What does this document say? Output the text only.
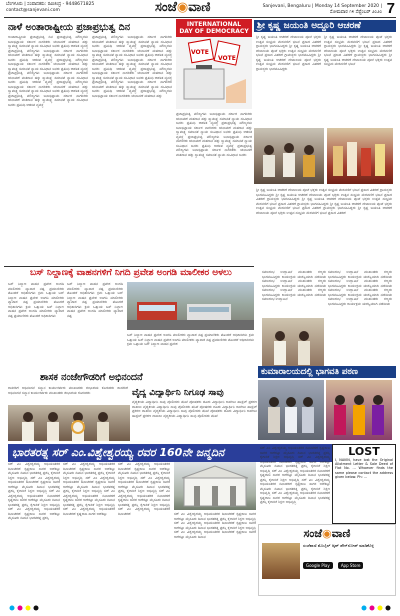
ಬೆಂಗಳೂರು | ಸಂಪಾದಕರು: ರವಿಚಂದ್ರ - 9448671825
contact@sanjevani.com	ಸಂಜೆ◉ವಾಣಿ	Sanjevani, Bengaluru | Monday 14 September 2020 | ಸೋಮವಾರ ೧೪ ಸೆಪ್ಟೆಂಬರ್ ೨೦೨೦ 7
ನಾಳೆ ಅಂತಾರಾಷ್ಟ್ರೀಯ ಪ್ರಜಾಪ್ರಭುತ್ವ ದಿನ
ಅಂತಾರಾಷ್ಟ್ರೀಯ ಪ್ರಜಾಪ್ರಭುತ್ವ ದಿನ ಪ್ರಜಾಪ್ರಭುತ್ವ ಮೌಲ್ಯಗಳು ಜನಾಭಿಪ್ರಾಯ ಸರ್ಕಾರ ನಾಗರಿಕರು ಚುನಾವಣೆ ಮತದಾನ ಹಕ್ಕು ಸ್ವಾತಂತ್ರ್ಯ ಸಮಾನತೆ ನ್ಯಾಯ ಸಂವಿಧಾನ ಜನರು ಪ್ರತಿನಿಧಿ ಆಡಳಿತ ವ್ಯವಸ್ಥೆ ಪ್ರಜಾಪ್ರಭುತ್ವ ಮೌಲ್ಯಗಳು ಜನಾಭಿಪ್ರಾಯ ಸರ್ಕಾರ ನಾಗರಿಕರು ಚುನಾವಣೆ ಮತದಾನ ಹಕ್ಕು ಸ್ವಾತಂತ್ರ್ಯ ಸಮಾನತೆ ನ್ಯಾಯ ಸಂವಿಧಾನ ಜನರು ಪ್ರತಿನಿಧಿ ಆಡಳಿತ ವ್ಯವಸ್ಥೆ ಪ್ರಜಾಪ್ರಭುತ್ವ ಮೌಲ್ಯಗಳು ಜನಾಭಿಪ್ರಾಯ ಸರ್ಕಾರ ನಾಗರಿಕರು ಚುನಾವಣೆ ಮತದಾನ ಹಕ್ಕು ಸ್ವಾತಂತ್ರ್ಯ ಸಮಾನತೆ ನ್ಯಾಯ ಸಂವಿಧಾನ ಜನರು ಪ್ರತಿನಿಧಿ ಆಡಳಿತ ವ್ಯವಸ್ಥೆ ಪ್ರಜಾಪ್ರಭುತ್ವ ಮೌಲ್ಯಗಳು ಜನಾಭಿಪ್ರಾಯ ಸರ್ಕಾರ ನಾಗರಿಕರು ಚುನಾವಣೆ ಮತದಾನ ಹಕ್ಕು ಸ್ವಾತಂತ್ರ್ಯ ಸಮಾನತೆ ನ್ಯಾಯ ಸಂವಿಧಾನ ಜನರು ಪ್ರತಿನಿಧಿ ಆಡಳಿತ ವ್ಯವಸ್ಥೆ ಪ್ರಜಾಪ್ರಭುತ್ವ ಮೌಲ್ಯಗಳು ಜನಾಭಿಪ್ರಾಯ ಸರ್ಕಾರ ನಾಗರಿಕರು ಚುನಾವಣೆ ಮತದಾನ ಹಕ್ಕು ಸ್ವಾತಂತ್ರ್ಯ ಸಮಾನತೆ ನ್ಯಾಯ ಸಂವಿಧಾನ ಜನರು ಪ್ರತಿನಿಧಿ ಆಡಳಿತ ವ್ಯವಸ್ಥೆ ಪ್ರಜಾಪ್ರಭುತ್ವ ಮೌಲ್ಯಗಳು ಜನಾಭಿಪ್ರಾಯ ಸರ್ಕಾರ ನಾಗರಿಕರು ಚುನಾವಣೆ ಮತದಾನ ಹಕ್ಕು ಸ್ವಾತಂತ್ರ್ಯ ಸಮಾನತೆ ನ್ಯಾಯ ಸಂವಿಧಾನ ಜನರು ಪ್ರತಿನಿಧಿ ಆಡಳಿತ ವ್ಯವಸ್ಥೆ
ಪ್ರಜಾಪ್ರಭುತ್ವ ಮೌಲ್ಯಗಳು ಜನಾಭಿಪ್ರಾಯ ಸರ್ಕಾರ ನಾಗರಿಕರು ಚುನಾವಣೆ ಮತದಾನ ಹಕ್ಕು ಸ್ವಾತಂತ್ರ್ಯ ಸಮಾನತೆ ನ್ಯಾಯ ಸಂವಿಧಾನ ಜನರು ಪ್ರತಿನಿಧಿ ಆಡಳಿತ ವ್ಯವಸ್ಥೆ ಪ್ರಜಾಪ್ರಭುತ್ವ ಮೌಲ್ಯಗಳು ಜನಾಭಿಪ್ರಾಯ ಸರ್ಕಾರ ನಾಗರಿಕರು ಚುನಾವಣೆ ಮತದಾನ ಹಕ್ಕು ಸ್ವಾತಂತ್ರ್ಯ ಸಮಾನತೆ ನ್ಯಾಯ ಸಂವಿಧಾನ ಜನರು ಪ್ರತಿನಿಧಿ ಆಡಳಿತ ವ್ಯವಸ್ಥೆ ಪ್ರಜಾಪ್ರಭುತ್ವ ಮೌಲ್ಯಗಳು ಜನಾಭಿಪ್ರಾಯ ಸರ್ಕಾರ ನಾಗರಿಕರು ಚುನಾವಣೆ ಮತದಾನ ಹಕ್ಕು ಸ್ವಾತಂತ್ರ್ಯ ಸಮಾನತೆ ನ್ಯಾಯ ಸಂವಿಧಾನ ಜನರು ಪ್ರತಿನಿಧಿ ಆಡಳಿತ ವ್ಯವಸ್ಥೆ ಪ್ರಜಾಪ್ರಭುತ್ವ ಮೌಲ್ಯಗಳು ಜನಾಭಿಪ್ರಾಯ ಸರ್ಕಾರ ನಾಗರಿಕರು ಚುನಾವಣೆ ಮತದಾನ ಹಕ್ಕು ಸ್ವಾತಂತ್ರ್ಯ ಸಮಾನತೆ ನ್ಯಾಯ ಸಂವಿಧಾನ ಜನರು ಪ್ರತಿನಿಧಿ ಆಡಳಿತ ವ್ಯವಸ್ಥೆ ಪ್ರಜಾಪ್ರಭುತ್ವ ಮೌಲ್ಯಗಳು ಜನಾಭಿಪ್ರಾಯ ಸರ್ಕಾರ ನಾಗರಿಕರು ಚುನಾವಣೆ ಮತದಾನ ಹಕ್ಕು ಸ್ವಾತಂತ್ರ್ಯ ಸಮಾನತೆ ನ್ಯಾಯ ಸಂವಿಧಾನ ಜನರು ಪ್ರತಿನಿಧಿ ಆಡಳಿತ ವ್ಯವಸ್ಥೆ ಪ್ರಜಾಪ್ರಭುತ್ವ ಮೌಲ್ಯಗಳು ಜನಾಭಿಪ್ರಾಯ ಸರ್ಕಾರ ನಾಗರಿಕರು ಚುನಾವಣೆ ಮತದಾನ ಹಕ್ಕು
INTERNATIONAL
DAY OF DEMOCRACY
VOTE
VOTE
ಪ್ರಜಾಪ್ರಭುತ್ವ ಮೌಲ್ಯಗಳು ಜನಾಭಿಪ್ರಾಯ ಸರ್ಕಾರ ನಾಗರಿಕರು ಚುನಾವಣೆ ಮತದಾನ ಹಕ್ಕು ಸ್ವಾತಂತ್ರ್ಯ ಸಮಾನತೆ ನ್ಯಾಯ ಸಂವಿಧಾನ ಜನರು ಪ್ರತಿನಿಧಿ ಆಡಳಿತ ವ್ಯವಸ್ಥೆ ಪ್ರಜಾಪ್ರಭುತ್ವ ಮೌಲ್ಯಗಳು ಜನಾಭಿಪ್ರಾಯ ಸರ್ಕಾರ ನಾಗರಿಕರು ಚುನಾವಣೆ ಮತದಾನ ಹಕ್ಕು ಸ್ವಾತಂತ್ರ್ಯ ಸಮಾನತೆ ನ್ಯಾಯ ಸಂವಿಧಾನ ಜನರು ಪ್ರತಿನಿಧಿ ಆಡಳಿತ ವ್ಯವಸ್ಥೆ ಪ್ರಜಾಪ್ರಭುತ್ವ ಮೌಲ್ಯಗಳು ಜನಾಭಿಪ್ರಾಯ ಸರ್ಕಾರ ನಾಗರಿಕರು ಚುನಾವಣೆ ಮತದಾನ ಹಕ್ಕು ಸ್ವಾತಂತ್ರ್ಯ ಸಮಾನತೆ ನ್ಯಾಯ ಸಂವಿಧಾನ ಜನರು ಪ್ರತಿನಿಧಿ ಆಡಳಿತ ವ್ಯವಸ್ಥೆ ಪ್ರಜಾಪ್ರಭುತ್ವ ಮೌಲ್ಯಗಳು ಜನಾಭಿಪ್ರಾಯ ಸರ್ಕಾರ ನಾಗರಿಕರು ಚುನಾವಣೆ ಮತದಾನ ಹಕ್ಕು ಸ್ವಾತಂತ್ರ್ಯ ಸಮಾನತೆ ನ್ಯಾಯ ಸಂವಿಧಾನ ಜನರು
ಶ್ರೀ ಕೃಷ್ಣ ಜಯಂತಿ ಅದ್ದೂರಿ ಆಚರಣೆ
ಶ್ರೀ ಕೃಷ್ಣ ಜಯಂತಿ ಆಚರಣೆ ದೇವಾಲಯ ಪೂಜೆ ಭಕ್ತರು ಉತ್ಸವ ಸಂಭ್ರಮ ಮೆರವಣಿಗೆ ಭಜನೆ ಪ್ರಸಾದ ವಿತರಣೆ ಗ್ರಾಮಸ್ಥರು ಭಾಗವಹಿಸಿದ್ದರು ಶ್ರೀ ಕೃಷ್ಣ ಜಯಂತಿ ಆಚರಣೆ ದೇವಾಲಯ ಪೂಜೆ ಭಕ್ತರು ಉತ್ಸವ ಸಂಭ್ರಮ ಮೆರವಣಿಗೆ ಭಜನೆ ಪ್ರಸಾದ ವಿತರಣೆ ಗ್ರಾಮಸ್ಥರು ಭಾಗವಹಿಸಿದ್ದರು ಶ್ರೀ ಕೃಷ್ಣ ಜಯಂತಿ ಆಚರಣೆ ದೇವಾಲಯ ಪೂಜೆ ಭಕ್ತರು ಉತ್ಸವ ಸಂಭ್ರಮ ಮೆರವಣಿಗೆ ಭಜನೆ ಪ್ರಸಾದ ವಿತರಣೆ ಗ್ರಾಮಸ್ಥರು ಭಾಗವಹಿಸಿದ್ದರು
ಶ್ರೀ ಕೃಷ್ಣ ಜಯಂತಿ ಆಚರಣೆ ದೇವಾಲಯ ಪೂಜೆ ಭಕ್ತರು ಉತ್ಸವ ಸಂಭ್ರಮ ಮೆರವಣಿಗೆ ಭಜನೆ ಪ್ರಸಾದ ವಿತರಣೆ ಗ್ರಾಮಸ್ಥರು ಭಾಗವಹಿಸಿದ್ದರು ಶ್ರೀ ಕೃಷ್ಣ ಜಯಂತಿ ಆಚರಣೆ ದೇವಾಲಯ ಪೂಜೆ ಭಕ್ತರು ಉತ್ಸವ ಸಂಭ್ರಮ ಮೆರವಣಿಗೆ ಭಜನೆ ಪ್ರಸಾದ ವಿತರಣೆ ಗ್ರಾಮಸ್ಥರು ಭಾಗವಹಿಸಿದ್ದರು ಶ್ರೀ ಕೃಷ್ಣ ಜಯಂತಿ ಆಚರಣೆ ದೇವಾಲಯ ಪೂಜೆ ಭಕ್ತರು ಉತ್ಸವ ಸಂಭ್ರಮ ಮೆರವಣಿಗೆ ಭಜನೆ
ಶ್ರೀ ಕೃಷ್ಣ ಜಯಂತಿ ಆಚರಣೆ ದೇವಾಲಯ ಪೂಜೆ ಭಕ್ತರು ಉತ್ಸವ ಸಂಭ್ರಮ ಮೆರವಣಿಗೆ ಭಜನೆ ಪ್ರಸಾದ ವಿತರಣೆ ಗ್ರಾಮಸ್ಥರು ಭಾಗವಹಿಸಿದ್ದರು ಶ್ರೀ ಕೃಷ್ಣ ಜಯಂತಿ ಆಚರಣೆ ದೇವಾಲಯ ಪೂಜೆ ಭಕ್ತರು ಉತ್ಸವ ಸಂಭ್ರಮ ಮೆರವಣಿಗೆ ಭಜನೆ ಪ್ರಸಾದ ವಿತರಣೆ ಗ್ರಾಮಸ್ಥರು ಭಾಗವಹಿಸಿದ್ದರು ಶ್ರೀ ಕೃಷ್ಣ ಜಯಂತಿ ಆಚರಣೆ ದೇವಾಲಯ ಪೂಜೆ ಭಕ್ತರು ಉತ್ಸವ ಸಂಭ್ರಮ ಮೆರವಣಿಗೆ ಭಜನೆ ಪ್ರಸಾದ ವಿತರಣೆ ಗ್ರಾಮಸ್ಥರು ಭಾಗವಹಿಸಿದ್ದರು ಶ್ರೀ ಕೃಷ್ಣ ಜಯಂತಿ ಆಚರಣೆ ದೇವಾಲಯ ಪೂಜೆ ಭಕ್ತರು ಉತ್ಸವ ಸಂಭ್ರಮ ಮೆರವಣಿಗೆ ಭಜನೆ ಪ್ರಸಾದ ವಿತರಣೆ ಗ್ರಾಮಸ್ಥರು ಭಾಗವಹಿಸಿದ್ದರು ಶ್ರೀ ಕೃಷ್ಣ ಜಯಂತಿ ಆಚರಣೆ ದೇವಾಲಯ ಪೂಜೆ ಭಕ್ತರು ಉತ್ಸವ ಸಂಭ್ರಮ ಮೆರವಣಿಗೆ ಭಜನೆ ಪ್ರಸಾದ ವಿತರಣೆ
ಬಸ್ ನಿಲ್ದಾಣಕ್ಕೆ ವಾಹನಗಳಿಗೆ ನಿಗದಿ ಪ್ರವೇಶ ಅಂಗಡಿ ಮಾಲೀಕರ ಅಳಲು
ಬಸ್ ನಿಲ್ದಾಣ ವಾಹನ ಪ್ರವೇಶ ಅಂಗಡಿ ಮಾಲೀಕರು ವ್ಯಾಪಾರ ನಷ್ಟ ಪ್ರಯಾಣಿಕರು ತೊಂದರೆ ಅಧಿಕಾರಿಗಳು ಕ್ರಮ ಒತ್ತಾಯ ಬಸ್ ನಿಲ್ದಾಣ ವಾಹನ ಪ್ರವೇಶ ಅಂಗಡಿ ಮಾಲೀಕರು ವ್ಯಾಪಾರ ನಷ್ಟ ಪ್ರಯಾಣಿಕರು ತೊಂದರೆ ಅಧಿಕಾರಿಗಳು ಕ್ರಮ ಒತ್ತಾಯ ಬಸ್ ನಿಲ್ದಾಣ ವಾಹನ ಪ್ರವೇಶ ಅಂಗಡಿ ಮಾಲೀಕರು ವ್ಯಾಪಾರ ನಷ್ಟ ಪ್ರಯಾಣಿಕರು ತೊಂದರೆ ಅಧಿಕಾರಿಗಳು
ಬಸ್ ನಿಲ್ದಾಣ ವಾಹನ ಪ್ರವೇಶ ಅಂಗಡಿ ಮಾಲೀಕರು ವ್ಯಾಪಾರ ನಷ್ಟ ಪ್ರಯಾಣಿಕರು ತೊಂದರೆ ಅಧಿಕಾರಿಗಳು ಕ್ರಮ ಒತ್ತಾಯ ಬಸ್ ನಿಲ್ದಾಣ ವಾಹನ ಪ್ರವೇಶ ಅಂಗಡಿ ಮಾಲೀಕರು ವ್ಯಾಪಾರ ನಷ್ಟ ಪ್ರಯಾಣಿಕರು ತೊಂದರೆ ಅಧಿಕಾರಿಗಳು ಕ್ರಮ ಒತ್ತಾಯ ಬಸ್ ನಿಲ್ದಾಣ ವಾಹನ ಪ್ರವೇಶ ಅಂಗಡಿ ಮಾಲೀಕರು ವ್ಯಾಪಾರ ನಷ್ಟ
ಬಸ್ ನಿಲ್ದಾಣ ವಾಹನ ಪ್ರವೇಶ ಅಂಗಡಿ ಮಾಲೀಕರು ವ್ಯಾಪಾರ ನಷ್ಟ ಪ್ರಯಾಣಿಕರು ತೊಂದರೆ ಅಧಿಕಾರಿಗಳು ಕ್ರಮ ಒತ್ತಾಯ ಬಸ್ ನಿಲ್ದಾಣ ವಾಹನ ಪ್ರವೇಶ ಅಂಗಡಿ ಮಾಲೀಕರು ವ್ಯಾಪಾರ ನಷ್ಟ ಪ್ರಯಾಣಿಕರು ತೊಂದರೆ ಅಧಿಕಾರಿಗಳು ಕ್ರಮ ಒತ್ತಾಯ ಬಸ್ ನಿಲ್ದಾಣ ವಾಹನ ಪ್ರವೇಶ
ಸಮಾರಂಭ ಉದ್ಘಾಟನೆ ಮುಖಂಡರು ಗಣ್ಯರು ಭಾಗವಹಿಸಿದ್ದರು ಕಾರ್ಯಕ್ರಮ ಯಶಸ್ವಿಯಾಗಿ ನಡೆಯಿತು ಸಮಾರಂಭ ಉದ್ಘಾಟನೆ ಮುಖಂಡರು ಗಣ್ಯರು ಭಾಗವಹಿಸಿದ್ದರು ಕಾರ್ಯಕ್ರಮ ಯಶಸ್ವಿಯಾಗಿ ನಡೆಯಿತು ಸಮಾರಂಭ ಉದ್ಘಾಟನೆ ಮುಖಂಡರು ಗಣ್ಯರು ಭಾಗವಹಿಸಿದ್ದರು ಕಾರ್ಯಕ್ರಮ ಯಶಸ್ವಿಯಾಗಿ ನಡೆಯಿತು ಸಮಾರಂಭ ಉದ್ಘಾಟನೆ
ಸಮಾರಂಭ ಉದ್ಘಾಟನೆ ಮುಖಂಡರು ಗಣ್ಯರು ಭಾಗವಹಿಸಿದ್ದರು ಕಾರ್ಯಕ್ರಮ ಯಶಸ್ವಿಯಾಗಿ ನಡೆಯಿತು ಸಮಾರಂಭ ಉದ್ಘಾಟನೆ ಮುಖಂಡರು ಗಣ್ಯರು ಭಾಗವಹಿಸಿದ್ದರು ಕಾರ್ಯಕ್ರಮ ಯಶಸ್ವಿಯಾಗಿ ನಡೆಯಿತು ಸಮಾರಂಭ ಉದ್ಘಾಟನೆ ಮುಖಂಡರು ಗಣ್ಯರು ಭಾಗವಹಿಸಿದ್ದರು ಕಾರ್ಯಕ್ರಮ ಯಶಸ್ವಿಯಾಗಿ ನಡೆಯಿತು ಸಮಾರಂಭ ಉದ್ಘಾಟನೆ ಮುಖಂಡರು ಗಣ್ಯರು ಭಾಗವಹಿಸಿದ್ದರು ಕಾರ್ಯಕ್ರಮ ಯಶಸ್ವಿಯಾಗಿ ನಡೆಯಿತು
ಶಾಸಕ ನಂಜೇಗೌಡರಿಗೆ ಅಭಿನಂದನೆ
ಶಾಸಕರಿಗೆ ಅಭಿನಂದನೆ ಸನ್ಮಾನ ಕಾರ್ಯಕರ್ತರು ಮುಖಂಡರು ಶುಭಾಶಯ ಕೋರಿದರು ಶಾಸಕರಿಗೆ ಅಭಿನಂದನೆ ಸನ್ಮಾನ ಕಾರ್ಯಕರ್ತರು ಮುಖಂಡರು ಶುಭಾಶಯ ಕೋರಿದರು	ವೈದ್ಯ ವಿದ್ಯಾರ್ಥಿನಿ ನಿಗೂಢ ಸಾವು
ವೈದ್ಯಕೀಯ ವಿದ್ಯಾರ್ಥಿನಿ ಸಾವು ಪೊಲೀಸರು ತನಿಖೆ ಪೋಷಕರು ದೂರು ವಿದ್ಯಾರ್ಥಿನಿ ಕಾಲೇಜು ಹಾಸ್ಟೆಲ್ ಪ್ರಕರಣ ದಾಖಲು ವೈದ್ಯಕೀಯ ವಿದ್ಯಾರ್ಥಿನಿ ಸಾವು ಪೊಲೀಸರು ತನಿಖೆ ಪೋಷಕರು ದೂರು ವಿದ್ಯಾರ್ಥಿನಿ ಕಾಲೇಜು ಹಾಸ್ಟೆಲ್ ಪ್ರಕರಣ ದಾಖಲು ವೈದ್ಯಕೀಯ ವಿದ್ಯಾರ್ಥಿನಿ ಸಾವು ಪೊಲೀಸರು ತನಿಖೆ ಪೋಷಕರು ದೂರು ವಿದ್ಯಾರ್ಥಿನಿ ಕಾಲೇಜು ಹಾಸ್ಟೆಲ್ ಪ್ರಕರಣ ದಾಖಲು ವೈದ್ಯಕೀಯ ವಿದ್ಯಾರ್ಥಿನಿ ಸಾವು ಪೊಲೀಸರು ತನಿಖೆ
ಕುಮಾರಾಲಯದಲ್ಲಿ ಭಾಗವತಿ ಪಠಣ
ಭಾರತರತ್ನ ಸರ್ ಎಂ.ವಿಶ್ವೇಶ್ವರಯ್ಯ ರವರ 160ನೇ ಜನ್ಮದಿನ
ಸರ್ ಎಂ ವಿಶ್ವೇಶ್ವರಯ್ಯ ಅಭಿಯಂತರರ ದಿನಾಚರಣೆ ಕೃಷ್ಣರಾಜ ಸಾಗರ ಅಣೆಕಟ್ಟು ಮೈಸೂರು ದಿವಾನ ಭಾರತರತ್ನ ಪ್ರಶಸ್ತಿ ಕೈಗಾರಿಕೆ ಶಿಕ್ಷಣ ಅಭಿವೃದ್ಧಿ ಸರ್ ಎಂ ವಿಶ್ವೇಶ್ವರಯ್ಯ ಅಭಿಯಂತರರ ದಿನಾಚರಣೆ ಕೃಷ್ಣರಾಜ ಸಾಗರ ಅಣೆಕಟ್ಟು ಮೈಸೂರು ದಿವಾನ ಭಾರತರತ್ನ ಪ್ರಶಸ್ತಿ ಕೈಗಾರಿಕೆ ಶಿಕ್ಷಣ ಅಭಿವೃದ್ಧಿ ಸರ್ ಎಂ ವಿಶ್ವೇಶ್ವರಯ್ಯ ಅಭಿಯಂತರರ ದಿನಾಚರಣೆ ಕೃಷ್ಣರಾಜ ಸಾಗರ ಅಣೆಕಟ್ಟು ಮೈಸೂರು ದಿವಾನ ಭಾರತರತ್ನ ಪ್ರಶಸ್ತಿ ಕೈಗಾರಿಕೆ ಶಿಕ್ಷಣ ಅಭಿವೃದ್ಧಿ ಸರ್ ಎಂ ವಿಶ್ವೇಶ್ವರಯ್ಯ ಅಭಿಯಂತರರ ದಿನಾಚರಣೆ ಕೃಷ್ಣರಾಜ ಸಾಗರ ಅಣೆಕಟ್ಟು ಮೈಸೂರು ದಿವಾನ ಭಾರತರತ್ನ ಪ್ರಶಸ್ತಿ
ಸರ್ ಎಂ ವಿಶ್ವೇಶ್ವರಯ್ಯ ಅಭಿಯಂತರರ ದಿನಾಚರಣೆ ಕೃಷ್ಣರಾಜ ಸಾಗರ ಅಣೆಕಟ್ಟು ಮೈಸೂರು ದಿವಾನ ಭಾರತರತ್ನ ಪ್ರಶಸ್ತಿ ಕೈಗಾರಿಕೆ ಶಿಕ್ಷಣ ಅಭಿವೃದ್ಧಿ ಸರ್ ಎಂ ವಿಶ್ವೇಶ್ವರಯ್ಯ ಅಭಿಯಂತರರ ದಿನಾಚರಣೆ ಕೃಷ್ಣರಾಜ ಸಾಗರ ಅಣೆಕಟ್ಟು ಮೈಸೂರು ದಿವಾನ ಭಾರತರತ್ನ ಪ್ರಶಸ್ತಿ ಕೈಗಾರಿಕೆ ಶಿಕ್ಷಣ ಅಭಿವೃದ್ಧಿ ಸರ್ ಎಂ ವಿಶ್ವೇಶ್ವರಯ್ಯ ಅಭಿಯಂತರರ ದಿನಾಚರಣೆ ಕೃಷ್ಣರಾಜ ಸಾಗರ ಅಣೆಕಟ್ಟು ಮೈಸೂರು ದಿವಾನ ಭಾರತರತ್ನ ಪ್ರಶಸ್ತಿ ಕೈಗಾರಿಕೆ ಶಿಕ್ಷಣ ಅಭಿವೃದ್ಧಿ ಸರ್ ಎಂ ವಿಶ್ವೇಶ್ವರಯ್ಯ ಅಭಿಯಂತರರ ದಿನಾಚರಣೆ ಕೃಷ್ಣರಾಜ ಸಾಗರ ಅಣೆಕಟ್ಟು
ಸರ್ ಎಂ ವಿಶ್ವೇಶ್ವರಯ್ಯ ಅಭಿಯಂತರರ ದಿನಾಚರಣೆ ಕೃಷ್ಣರಾಜ ಸಾಗರ ಅಣೆಕಟ್ಟು ಮೈಸೂರು ದಿವಾನ ಭಾರತರತ್ನ ಪ್ರಶಸ್ತಿ ಕೈಗಾರಿಕೆ ಶಿಕ್ಷಣ ಅಭಿವೃದ್ಧಿ ಸರ್ ಎಂ ವಿಶ್ವೇಶ್ವರಯ್ಯ ಅಭಿಯಂತರರ ದಿನಾಚರಣೆ ಕೃಷ್ಣರಾಜ ಸಾಗರ ಅಣೆಕಟ್ಟು ಮೈಸೂರು ದಿವಾನ ಭಾರತರತ್ನ ಪ್ರಶಸ್ತಿ ಕೈಗಾರಿಕೆ ಶಿಕ್ಷಣ ಅಭಿವೃದ್ಧಿ ಸರ್ ಎಂ ವಿಶ್ವೇಶ್ವರಯ್ಯ ಅಭಿಯಂತರರ ದಿನಾಚರಣೆ ಕೃಷ್ಣರಾಜ ಸಾಗರ ಅಣೆಕಟ್ಟು ಮೈಸೂರು ದಿವಾನ ಭಾರತರತ್ನ ಪ್ರಶಸ್ತಿ ಕೈಗಾರಿಕೆ ಶಿಕ್ಷಣ ಅಭಿವೃದ್ಧಿ ಸರ್ ಎಂ ವಿಶ್ವೇಶ್ವರಯ್ಯ ಅಭಿಯಂತರರ ದಿನಾಚರಣೆ	ಸರ್ ಎಂ ವಿಶ್ವೇಶ್ವರಯ್ಯ ಅಭಿಯಂತರರ ದಿನಾಚರಣೆ ಕೃಷ್ಣರಾಜ ಸಾಗರ ಅಣೆಕಟ್ಟು ಮೈಸೂರು ದಿವಾನ ಭಾರತರತ್ನ ಪ್ರಶಸ್ತಿ ಕೈಗಾರಿಕೆ ಶಿಕ್ಷಣ ಅಭಿವೃದ್ಧಿ ಸರ್ ಎಂ ವಿಶ್ವೇಶ್ವರಯ್ಯ ಅಭಿಯಂತರರ ದಿನಾಚರಣೆ ಕೃಷ್ಣರಾಜ ಸಾಗರ ಅಣೆಕಟ್ಟು ಮೈಸೂರು ದಿವಾನ ಭಾರತರತ್ನ ಪ್ರಶಸ್ತಿ ಕೈಗಾರಿಕೆ ಶಿಕ್ಷಣ ಅಭಿವೃದ್ಧಿ ಸರ್ ಎಂ ವಿಶ್ವೇಶ್ವರಯ್ಯ ಅಭಿಯಂತರರ ದಿನಾಚರಣೆ ಕೃಷ್ಣರಾಜ ಸಾಗರ ಅಣೆಕಟ್ಟು ಮೈಸೂರು ದಿವಾನ
ಸರ್ ಎಂ ವಿಶ್ವೇಶ್ವರಯ್ಯ ಅಭಿಯಂತರರ ದಿನಾಚರಣೆ ಕೃಷ್ಣರಾಜ ಸಾಗರ ಅಣೆಕಟ್ಟು ಮೈಸೂರು ದಿವಾನ ಭಾರತರತ್ನ ಪ್ರಶಸ್ತಿ ಕೈಗಾರಿಕೆ ಶಿಕ್ಷಣ ಅಭಿವೃದ್ಧಿ ಸರ್ ಎಂ ವಿಶ್ವೇಶ್ವರಯ್ಯ ಅಭಿಯಂತರರ ದಿನಾಚರಣೆ ಕೃಷ್ಣರಾಜ ಸಾಗರ ಅಣೆಕಟ್ಟು ಮೈಸೂರು ದಿವಾನ ಭಾರತರತ್ನ ಪ್ರಶಸ್ತಿ ಕೈಗಾರಿಕೆ ಶಿಕ್ಷಣ ಅಭಿವೃದ್ಧಿ ಸರ್ ಎಂ ವಿಶ್ವೇಶ್ವರಯ್ಯ ಅಭಿಯಂತರರ ದಿನಾಚರಣೆ ಕೃಷ್ಣರಾಜ ಸಾಗರ ಅಣೆಕಟ್ಟು ಮೈಸೂರು ದಿವಾನ ಭಾರತರತ್ನ ಪ್ರಶಸ್ತಿ ಕೈಗಾರಿಕೆ ಶಿಕ್ಷಣ ಅಭಿವೃದ್ಧಿ ಸರ್ ಎಂ ವಿಶ್ವೇಶ್ವರಯ್ಯ ಅಭಿಯಂತರರ ದಿನಾಚರಣೆ ಕೃಷ್ಣರಾಜ ಸಾಗರ ಅಣೆಕಟ್ಟು ಮೈಸೂರು ದಿವಾನ ಭಾರತರತ್ನ ಪ್ರಶಸ್ತಿ ಕೈಗಾರಿಕೆ ಶಿಕ್ಷಣ ಅಭಿವೃದ್ಧಿ ಸರ್ ಎಂ ವಿಶ್ವೇಶ್ವರಯ್ಯ ಅಭಿಯಂತರರ ದಿನಾಚರಣೆ ಕೃಷ್ಣರಾಜ ಸಾಗರ ಅಣೆಕಟ್ಟು ಮೈಸೂರು ದಿವಾನ ಭಾರತರತ್ನ ಪ್ರಶಸ್ತಿ ಕೈಗಾರಿಕೆ ಶಿಕ್ಷಣ ಅಭಿವೃದ್ಧಿ
LOST
I, NAVIN, have lost the Original Allotment Letter & Sale Deed of Flat No. ... Whoever finds the same please contact the address given below. Ph: ...
ಸಂಜೆ◉ವಾಣಿ
ಸಂಜೆವಾಣಿ ಮೊಬೈಲ್ ಆ್ಯಪ್ ಡೌನ್‌ಲೋಡ್ ಮಾಡಿಕೊಳ್ಳಿ
Google Play	App Store
